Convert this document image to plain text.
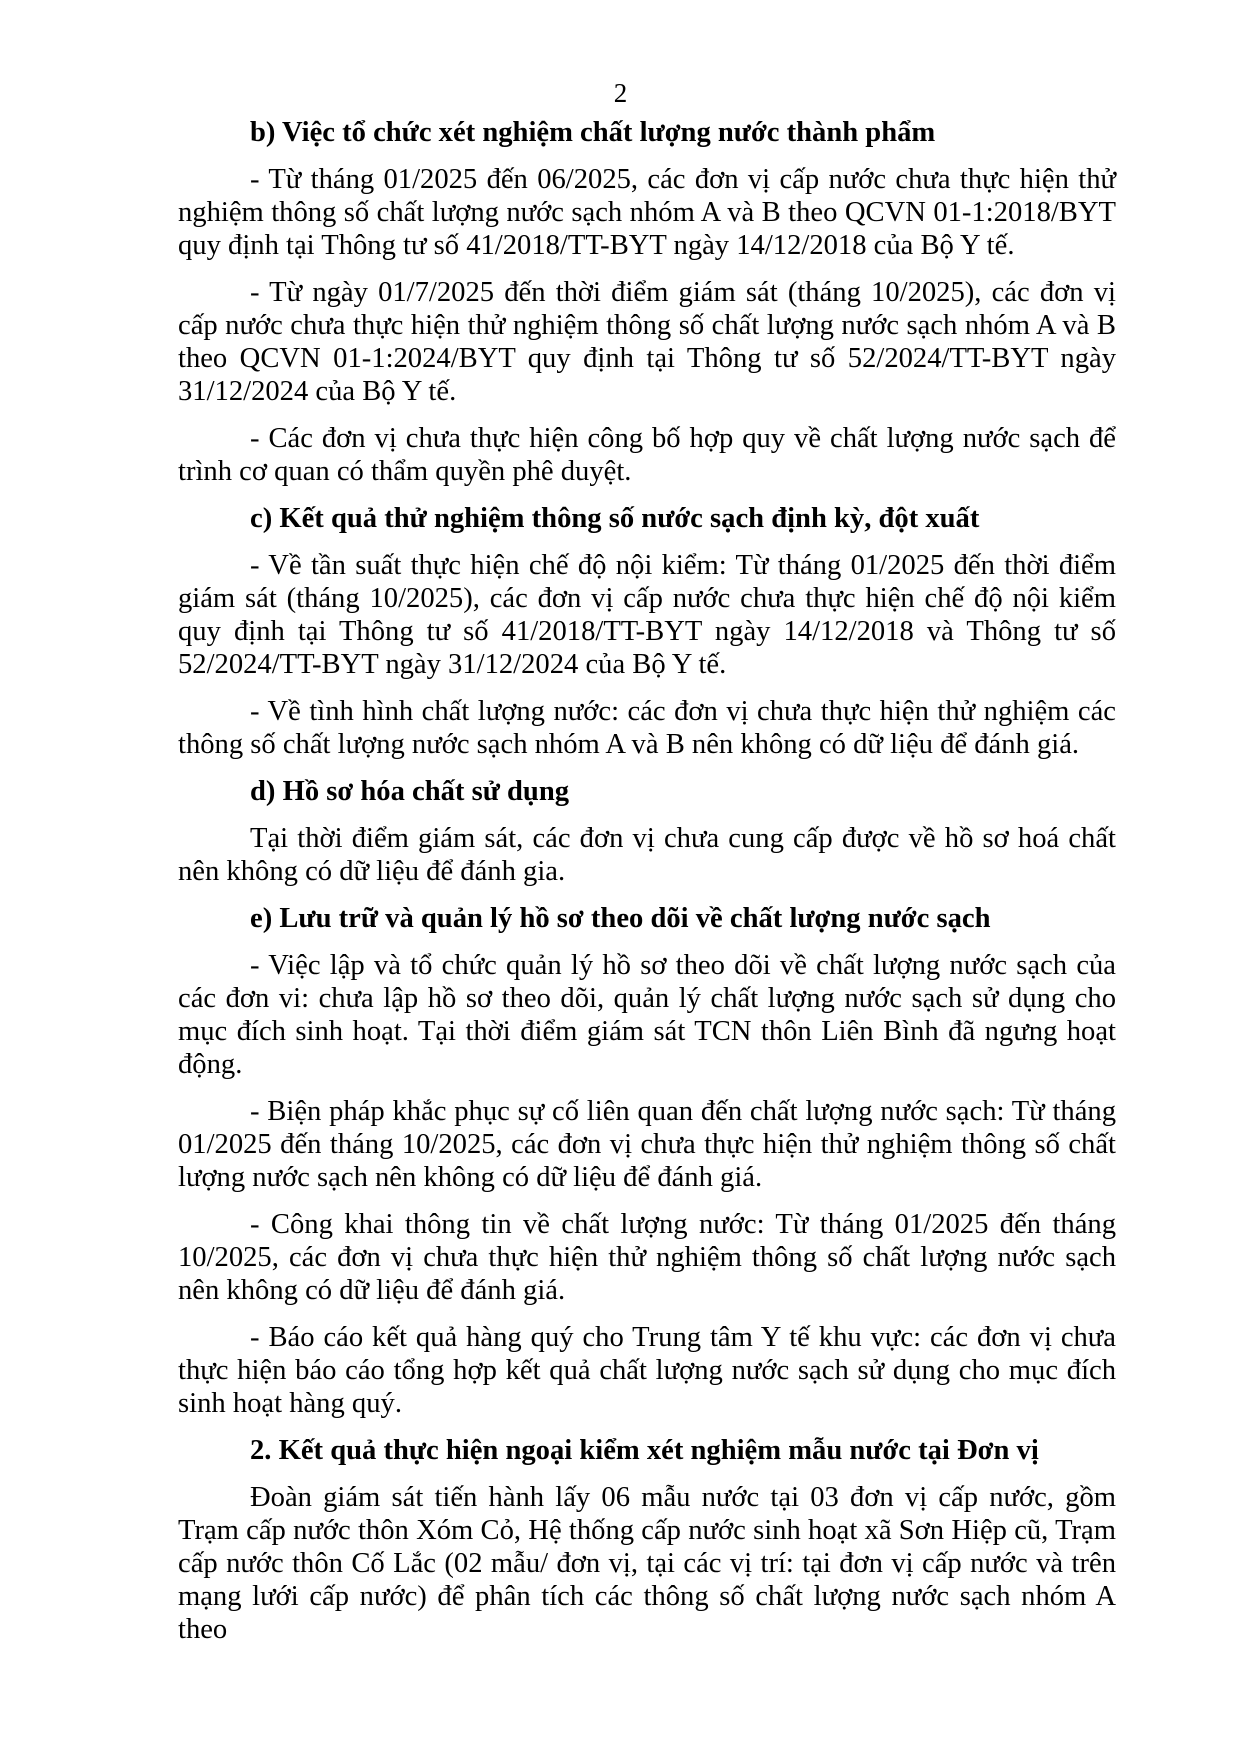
2

b) Việc tổ chức xét nghiệm chất lượng nước thành phẩm

- Từ tháng 01/2025 đến 06/2025, các đơn vị cấp nước chưa thực hiện thử nghiệm thông số chất lượng nước sạch nhóm A và B theo QCVN 01-1:2018/BYT quy định tại Thông tư số 41/2018/TT-BYT ngày 14/12/2018 của Bộ Y tế.

- Từ ngày 01/7/2025 đến thời điểm giám sát (tháng 10/2025), các đơn vị cấp nước chưa thực hiện thử nghiệm thông số chất lượng nước sạch nhóm A và B theo QCVN 01-1:2024/BYT quy định tại Thông tư số 52/2024/TT-BYT ngày 31/12/2024 của Bộ Y tế.

- Các đơn vị chưa thực hiện công bố hợp quy về chất lượng nước sạch để trình cơ quan có thẩm quyền phê duyệt.

c) Kết quả thử nghiệm thông số nước sạch định kỳ, đột xuất

- Về tần suất thực hiện chế độ nội kiểm: Từ tháng 01/2025 đến thời điểm giám sát (tháng 10/2025), các đơn vị cấp nước chưa thực hiện chế độ nội kiểm quy định tại Thông tư số 41/2018/TT-BYT ngày 14/12/2018 và Thông tư số 52/2024/TT-BYT ngày 31/12/2024 của Bộ Y tế.

- Về tình hình chất lượng nước: các đơn vị chưa thực hiện thử nghiệm các thông số chất lượng nước sạch nhóm A và B nên không có dữ liệu để đánh giá.

d) Hồ sơ hóa chất sử dụng

Tại thời điểm giám sát, các đơn vị chưa cung cấp được về hồ sơ hoá chất nên không có dữ liệu để đánh gia.

e) Lưu trữ và quản lý hồ sơ theo dõi về chất lượng nước sạch

- Việc lập và tổ chức quản lý hồ sơ theo dõi về chất lượng nước sạch của các đơn vi: chưa lập hồ sơ theo dõi, quản lý chất lượng nước sạch sử dụng cho mục đích sinh hoạt. Tại thời điểm giám sát TCN thôn Liên Bình đã ngưng hoạt động.

- Biện pháp khắc phục sự cố liên quan đến chất lượng nước sạch: Từ tháng 01/2025 đến tháng 10/2025, các đơn vị chưa thực hiện thử nghiệm thông số chất lượng nước sạch nên không có dữ liệu để đánh giá.

- Công khai thông tin về chất lượng nước: Từ tháng 01/2025 đến tháng 10/2025, các đơn vị chưa thực hiện thử nghiệm thông số chất lượng nước sạch nên không có dữ liệu để đánh giá.

- Báo cáo kết quả hàng quý cho Trung tâm Y tế khu vực: các đơn vị chưa thực hiện báo cáo tổng hợp kết quả chất lượng nước sạch sử dụng cho mục đích sinh hoạt hàng quý.

2. Kết quả thực hiện ngoại kiểm xét nghiệm mẫu nước tại Đơn vị

Đoàn giám sát tiến hành lấy 06 mẫu nước tại 03 đơn vị cấp nước, gồm Trạm cấp nước thôn Xóm Cỏ, Hệ thống cấp nước sinh hoạt xã Sơn Hiệp cũ, Trạm cấp nước thôn Cố Lắc (02 mẫu/ đơn vị, tại các vị trí: tại đơn vị cấp nước và trên mạng lưới cấp nước) để phân tích các thông số chất lượng nước sạch nhóm A theo
